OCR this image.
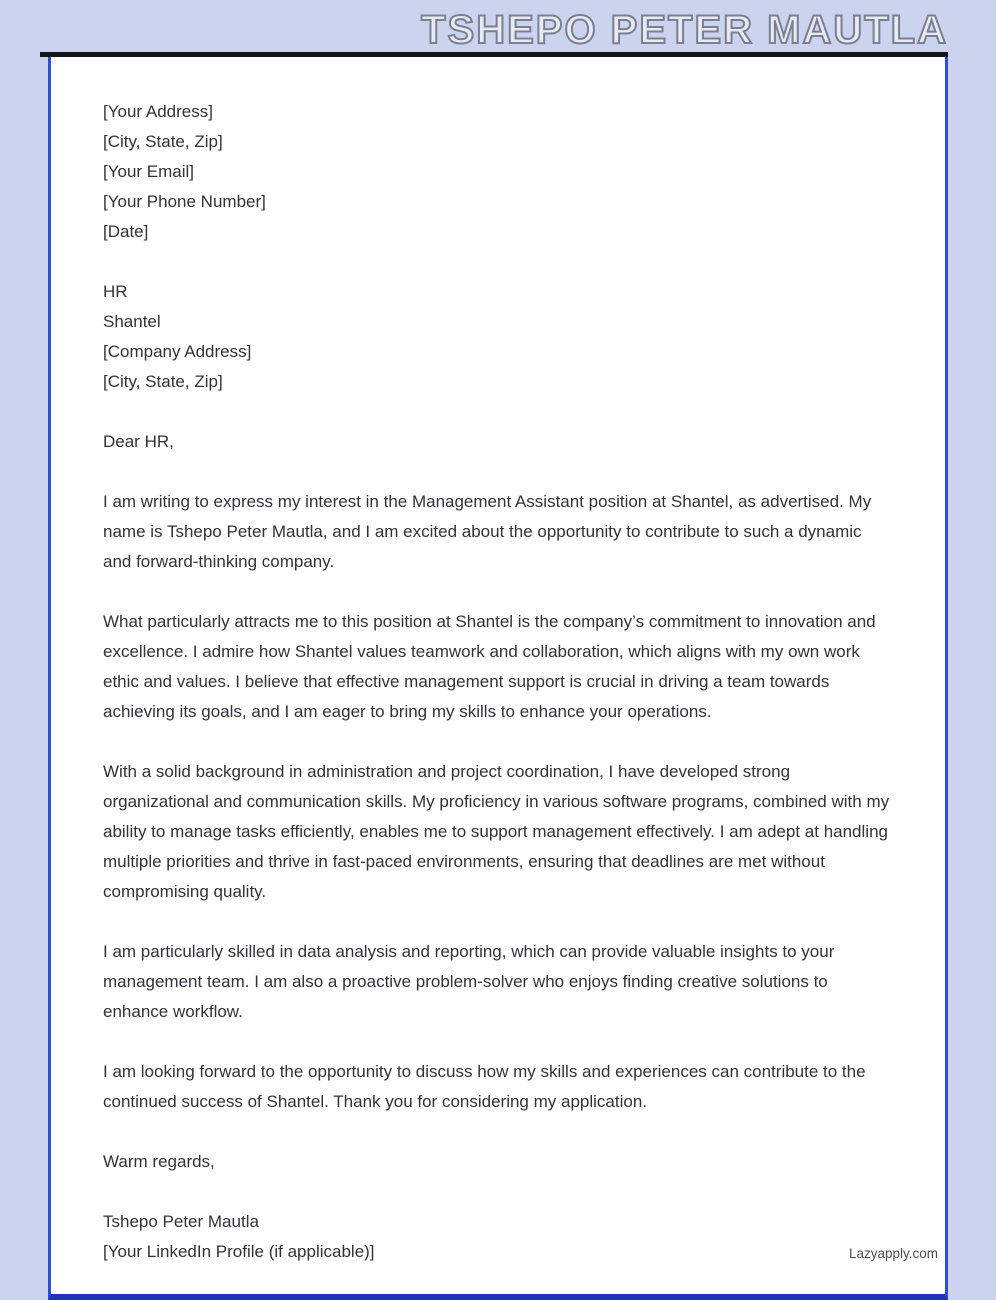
TSHEPO PETER MAUTLA
[Your Address]
[City, State, Zip]
[Your Email]
[Your Phone Number]
[Date]
HR
Shantel
[Company Address]
[City, State, Zip]
Dear HR,

I am writing to express my interest in the Management Assistant position at Shantel, as advertised. My name is Tshepo Peter Mautla, and I am excited about the opportunity to contribute to such a dynamic and forward-thinking company.

What particularly attracts me to this position at Shantel is the company’s commitment to innovation and excellence. I admire how Shantel values teamwork and collaboration, which aligns with my own work ethic and values. I believe that effective management support is crucial in driving a team towards achieving its goals, and I am eager to bring my skills to enhance your operations.

With a solid background in administration and project coordination, I have developed strong organizational and communication skills. My proficiency in various software programs, combined with my ability to manage tasks efficiently, enables me to support management effectively. I am adept at handling multiple priorities and thrive in fast-paced environments, ensuring that deadlines are met without compromising quality.

I am particularly skilled in data analysis and reporting, which can provide valuable insights to your management team. I am also a proactive problem-solver who enjoys finding creative solutions to enhance workflow.

I am looking forward to the opportunity to discuss how my skills and experiences can contribute to the continued success of Shantel. Thank you for considering my application.

Warm regards,
Tshepo Peter Mautla
[Your LinkedIn Profile (if applicable)]	Lazyapply.com
